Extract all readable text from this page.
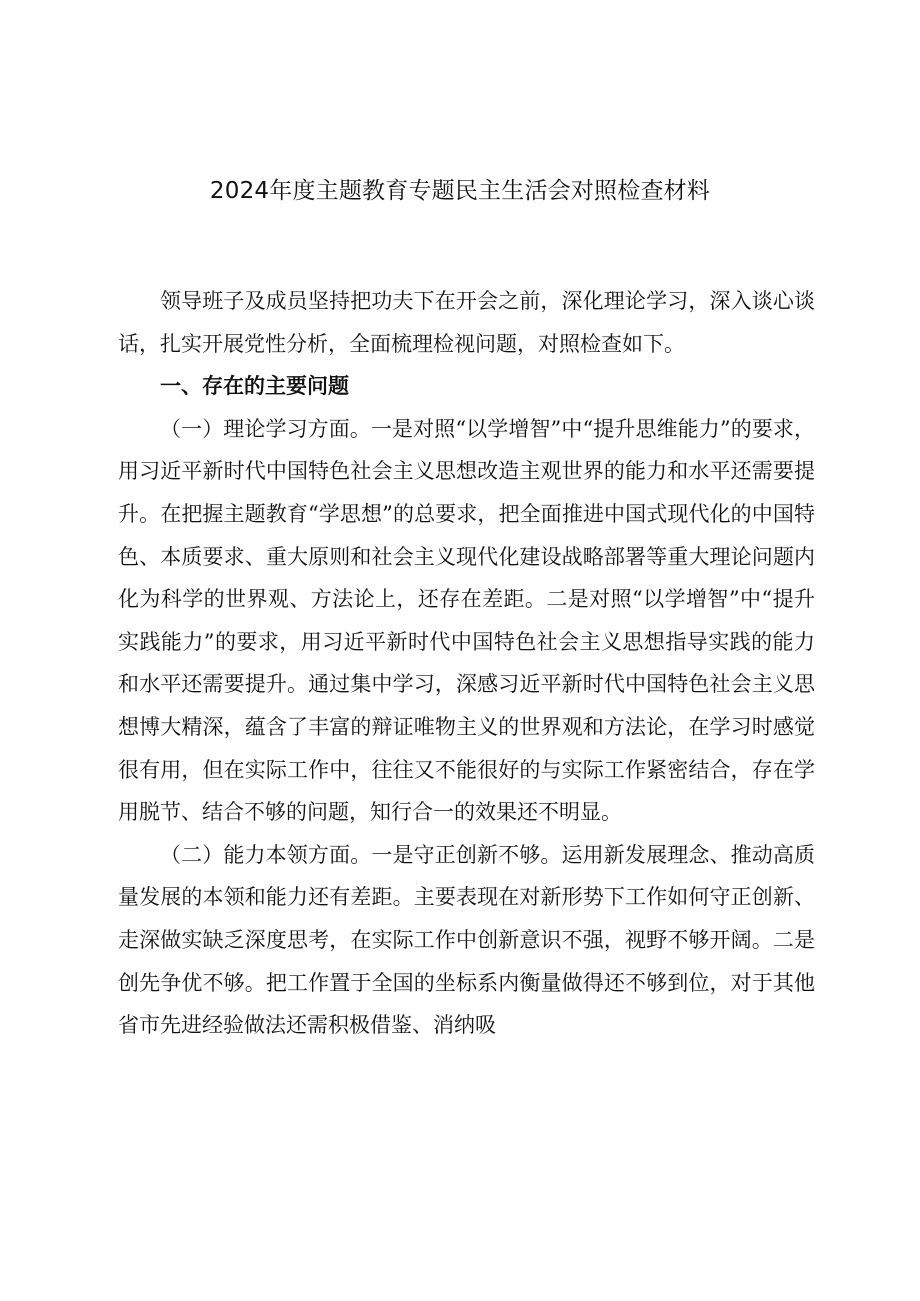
2024年度主题教育专题民主生活会对照检查材料

领导班子及成员坚持把功夫下在开会之前，深化理论学习，深入谈心谈话，扎实开展党性分析，全面梳理检视问题，对照检查如下。

一、存在的主要问题

（一）理论学习方面。一是对照“以学增智”中“提升思维能力”的要求，用习近平新时代中国特色社会主义思想改造主观世界的能力和水平还需要提升。在把握主题教育“学思想”的总要求，把全面推进中国式现代化的中国特色、本质要求、重大原则和社会主义现代化建设战略部署等重大理论问题内化为科学的世界观、方法论上，还存在差距。二是对照“以学增智”中“提升实践能力”的要求，用习近平新时代中国特色社会主义思想指导实践的能力和水平还需要提升。通过集中学习，深感习近平新时代中国特色社会主义思想博大精深，蕴含了丰富的辩证唯物主义的世界观和方法论，在学习时感觉很有用，但在实际工作中，往往又不能很好的与实际工作紧密结合，存在学用脱节、结合不够的问题，知行合一的效果还不明显。

（二）能力本领方面。一是守正创新不够。运用新发展理念、推动高质量发展的本领和能力还有差距。主要表现在对新形势下工作如何守正创新、走深做实缺乏深度思考，在实际工作中创新意识不强，视野不够开阔。二是创先争优不够。把工作置于全国的坐标系内衡量做得还不够到位，对于其他省市先进经验做法还需积极借鉴、消纳吸
